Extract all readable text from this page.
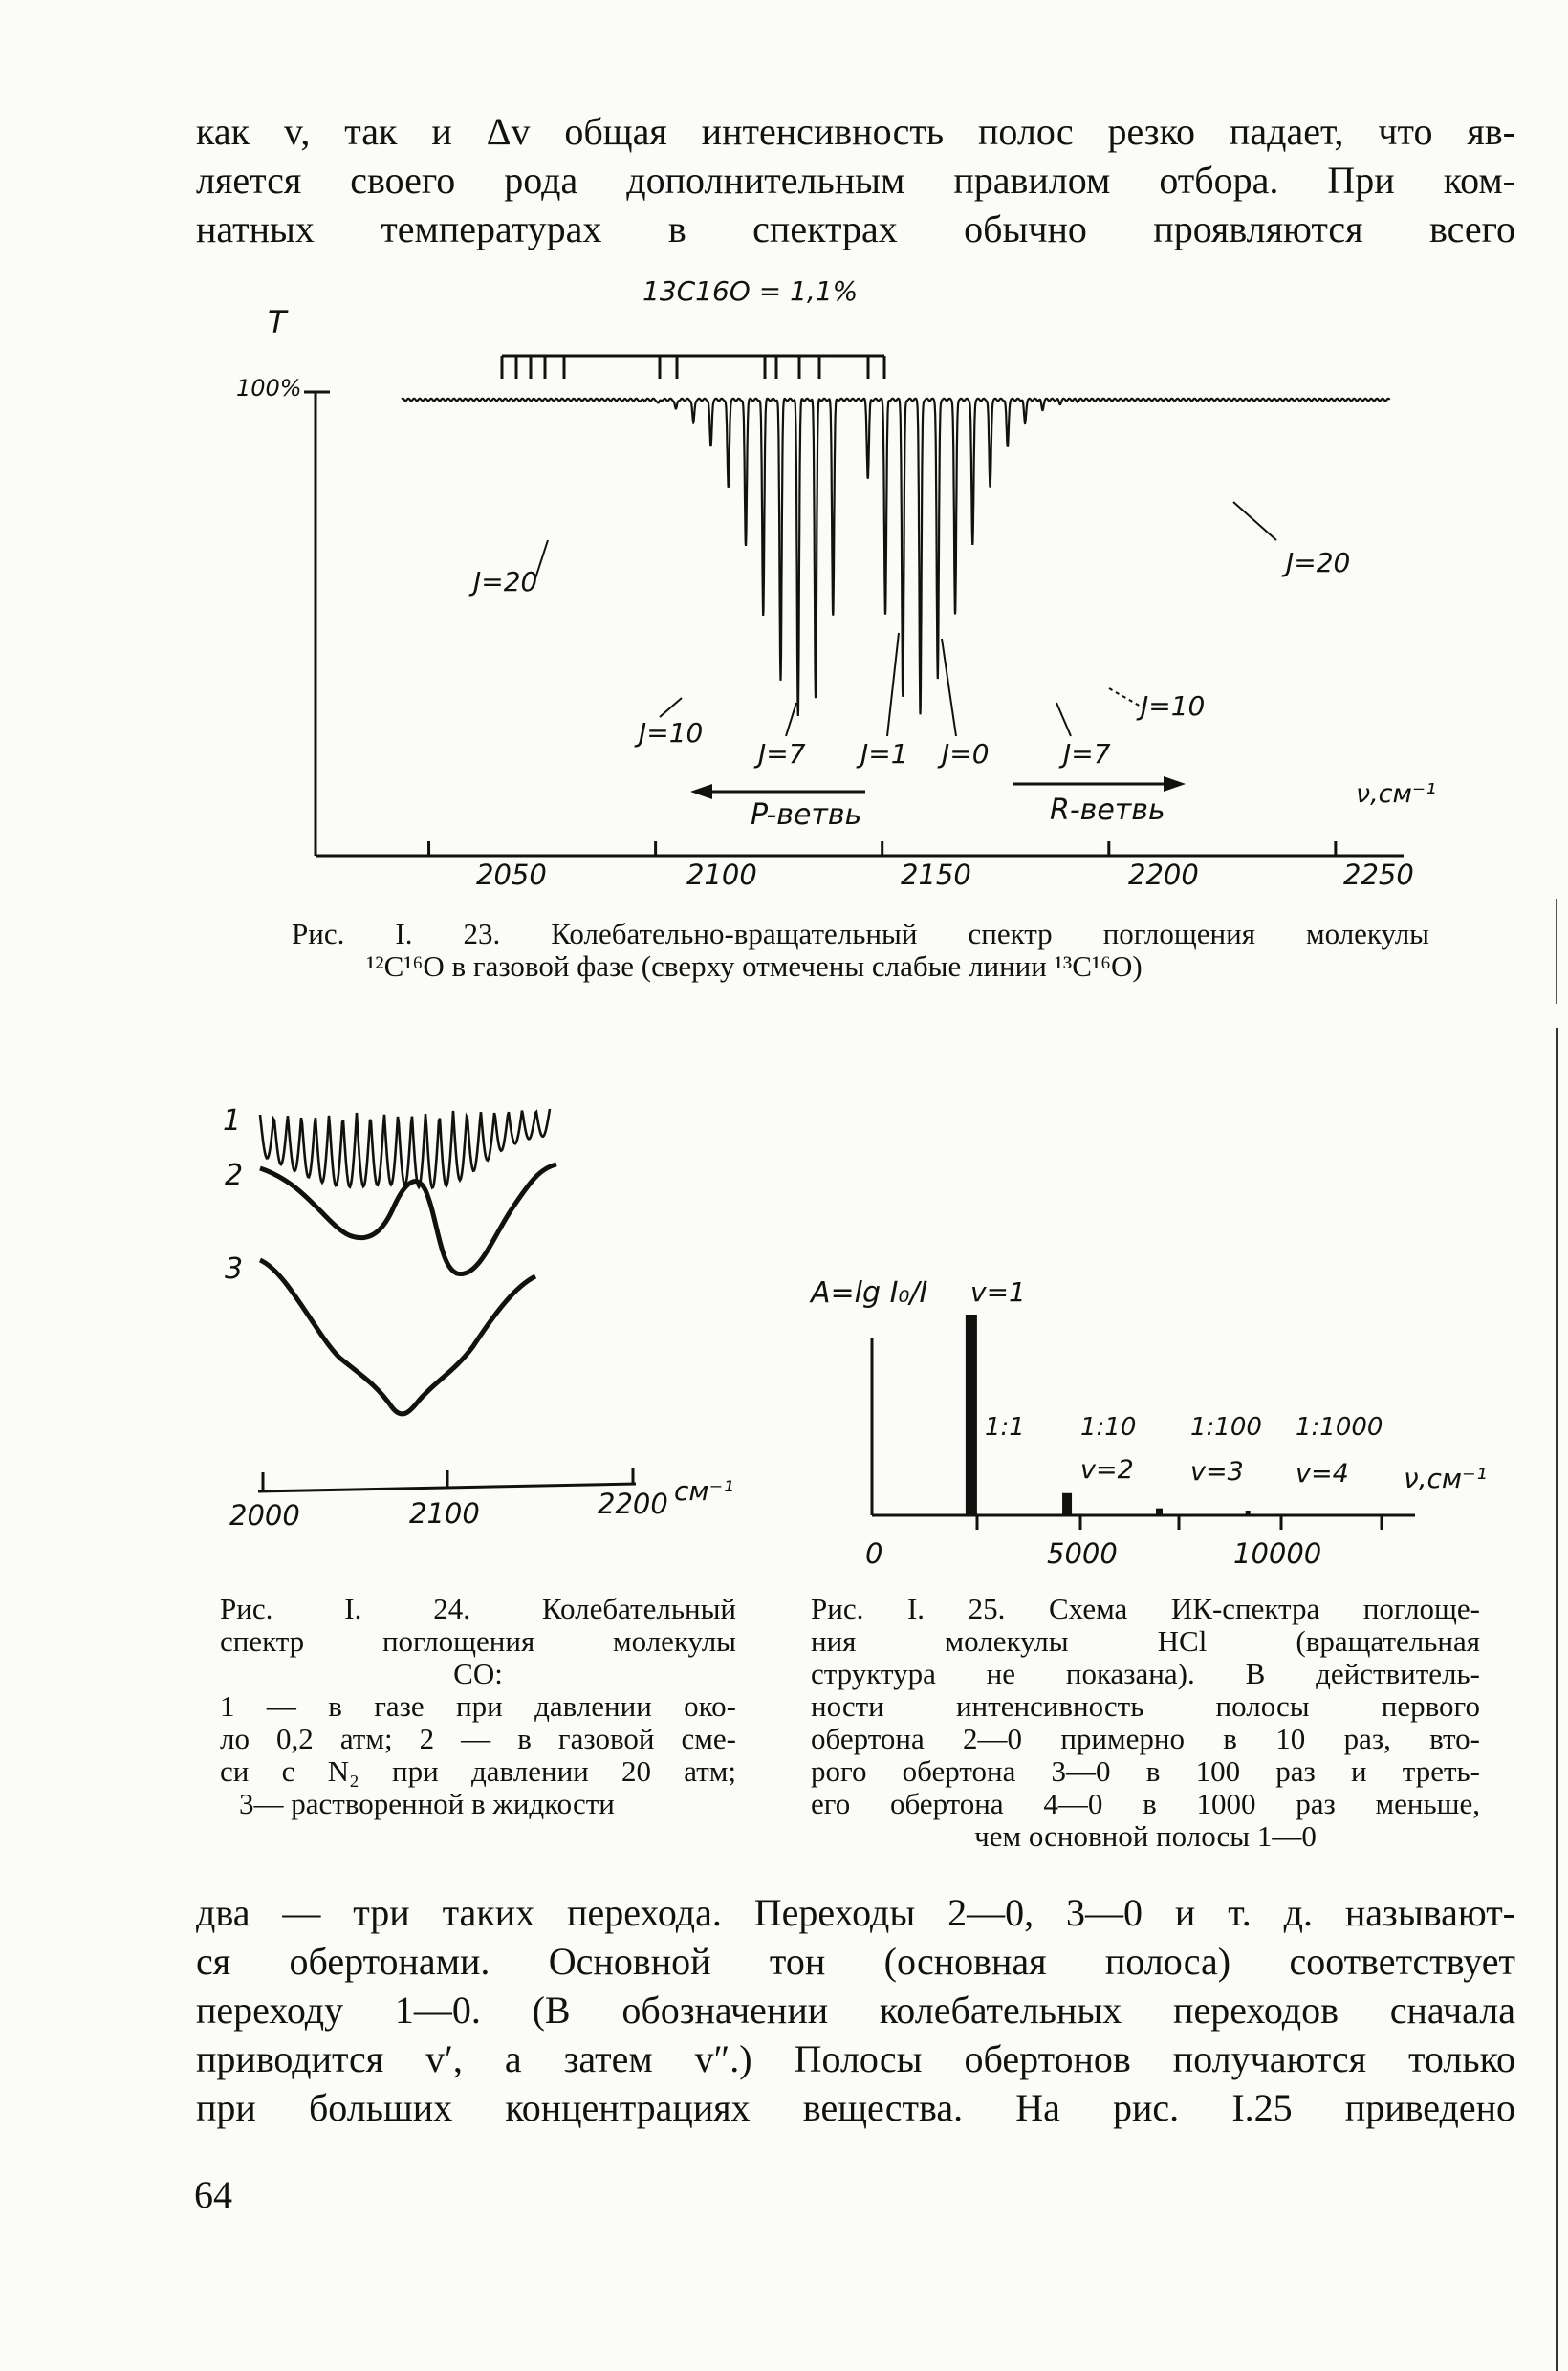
как v, так и Δv общая интенсивность полос резко падает, что яв-
ляется своего рода дополнительным правилом отбора. При ком-
натных температурах в спектрах обычно проявляются всего
T
100%
13C16O = 1,1%
J=20
J=10
J=7 J=1 J=0	J=7
J=10
J=20
P-ветвь	R-ветвь	ν,см⁻¹
2050	2100	2150	2200	2250
Рис. I. 23. Колебательно-вращательный спектр поглощения молекулы
¹²C¹⁶O в газовой фазе (сверху отмечены слабые линии ¹³C¹⁶O)
1
2
3
2000	2100	2200 см⁻¹
Рис. I. 24. Колебательный
спектр поглощения молекулы
CO:
1 — в газе при давлении око-
ло 0,2 атм; 2 — в газовой сме-
си с N₂ при давлении 20 атм;
3— растворенной в жидкости
A=lg I₀/I v=1
1:1 1:10 1:100 1:1000
v=2 v=3 v=4 ν,см⁻¹
0	5000	10000
Рис. I. 25. Схема ИК-спектра поглоще-
ния молекулы HCl (вращательная
структура не показана). В действитель-
ности интенсивность полосы первого
обертона 2—0 примерно в 10 раз, вто-
рого обертона 3—0 в 100 раз и треть-
его обертона 4—0 в 1000 раз меньше,
чем основной полосы 1—0
два — три таких перехода. Переходы 2—0, 3—0 и т. д. называют-
ся обертонами. Основной тон (основная полоса) соответствует
переходу 1—0. (В обозначении колебательных переходов сначала
приводится v′, а затем v″.) Полосы обертонов получаются только
при больших концентрациях вещества. На рис. I.25 приведено
64
